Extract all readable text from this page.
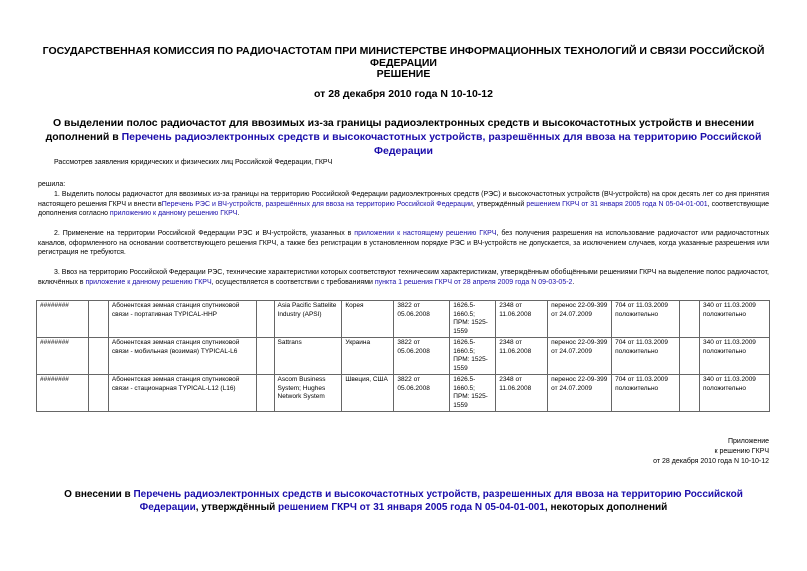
ГОСУДАРСТВЕННАЯ КОМИССИЯ ПО РАДИОЧАСТОТАМ ПРИ МИНИСТЕРСТВЕ ИНФОРМАЦИОННЫХ ТЕХНОЛОГИЙ И СВЯЗИ РОССИЙСКОЙ ФЕДЕРАЦИИ
РЕШЕНИЕ
от 28 декабря 2010 года N 10-10-12
О выделении полос радиочастот для ввозимых из-за границы радиоэлектронных средств и высокочастотных устройств и внесении дополнений в Перечень радиоэлектронных средств и высокочастотных устройств, разрешённых для ввоза на территорию Российской Федерации
Рассмотрев заявления юридических и физических лиц Российской Федерации, ГКРЧ
решила:
1. Выделить полосы радиочастот для ввозимых из-за границы на территорию Российской Федерации радиоэлектронных средств (РЭС) и высокочастотных устройств (ВЧ-устройств) на срок десять лет со дня принятия настоящего решения ГКРЧ и внести вПеречень РЭС и ВЧ-устройств, разрешённых для ввоза на территорию Российской Федерации, утверждённый решением ГКРЧ от 31 января 2005 года N 05-04-01-001, соответствующие дополнения согласно приложению к данному решению ГКРЧ.
2. Применение на территории Российской Федерации РЭС и ВЧ-устройств, указанных в приложении к настоящему решению ГКРЧ, без получения разрешения на использование радиочастот или радиочастотных каналов, оформленного на основании соответствующего решения ГКРЧ, а также без регистрации в установленном порядке РЭС и ВЧ-устройств не допускается, за исключением случаев, когда указанные разрешения или регистрация не требуются.
3. Ввоз на территорию Российской Федерации РЭС, технические характеристики которых соответствуют техническим характеристикам, утверждённым обобщёнными решениями ГКРЧ на выделение полос радиочастот, включённых в приложение к данному решению ГКРЧ, осуществляется в соответствии с требованиями пункта 1 решения ГКРЧ от 28 апреля 2009 года N 09-03-05-2.
########		Абонентская земная станция спутниковой связи - портативная TYPICAL-HHP		Asia Pacific Sattelite Industry (APSI)	Корея	3822 от 05.06.2008	1626.5-1660.5; ПРМ: 1525-1559	2348 от 11.06.2008	перенос 22-09-399 от 24.07.2009	704 от 11.03.2009 положительно		340 от 11.03.2009 положительно
########		Абонентская земная станция спутниковой связи - мобильная (возимая) TYPICAL-L6		Sattrans	Украина	3822 от 05.06.2008	1626.5-1660.5; ПРМ: 1525-1559	2348 от 11.06.2008	перенос 22-09-399 от 24.07.2009	704 от 11.03.2009 положительно		340 от 11.03.2009 положительно
########		Абонентская земная станция спутниковой связи - стационарная TYPICAL-L12 (L16)		Ascom Business System; Hughes Network System	Швеция, США	3822 от 05.06.2008	1626.5-1660.5; ПРМ: 1525-1559	2348 от 11.06.2008	перенос 22-09-399 от 24.07.2009	704 от 11.03.2009 положительно		340 от 11.03.2009 положительно
Приложение
к решению ГКРЧ
от 28 декабря 2010 года N 10-10-12
О внесении в Перечень радиоэлектронных средств и высокочастотных устройств, разрешенных для ввоза на территорию Российской Федерации, утверждённый решением ГКРЧ от 31 января 2005 года N 05-04-01-001, некоторых дополнений
